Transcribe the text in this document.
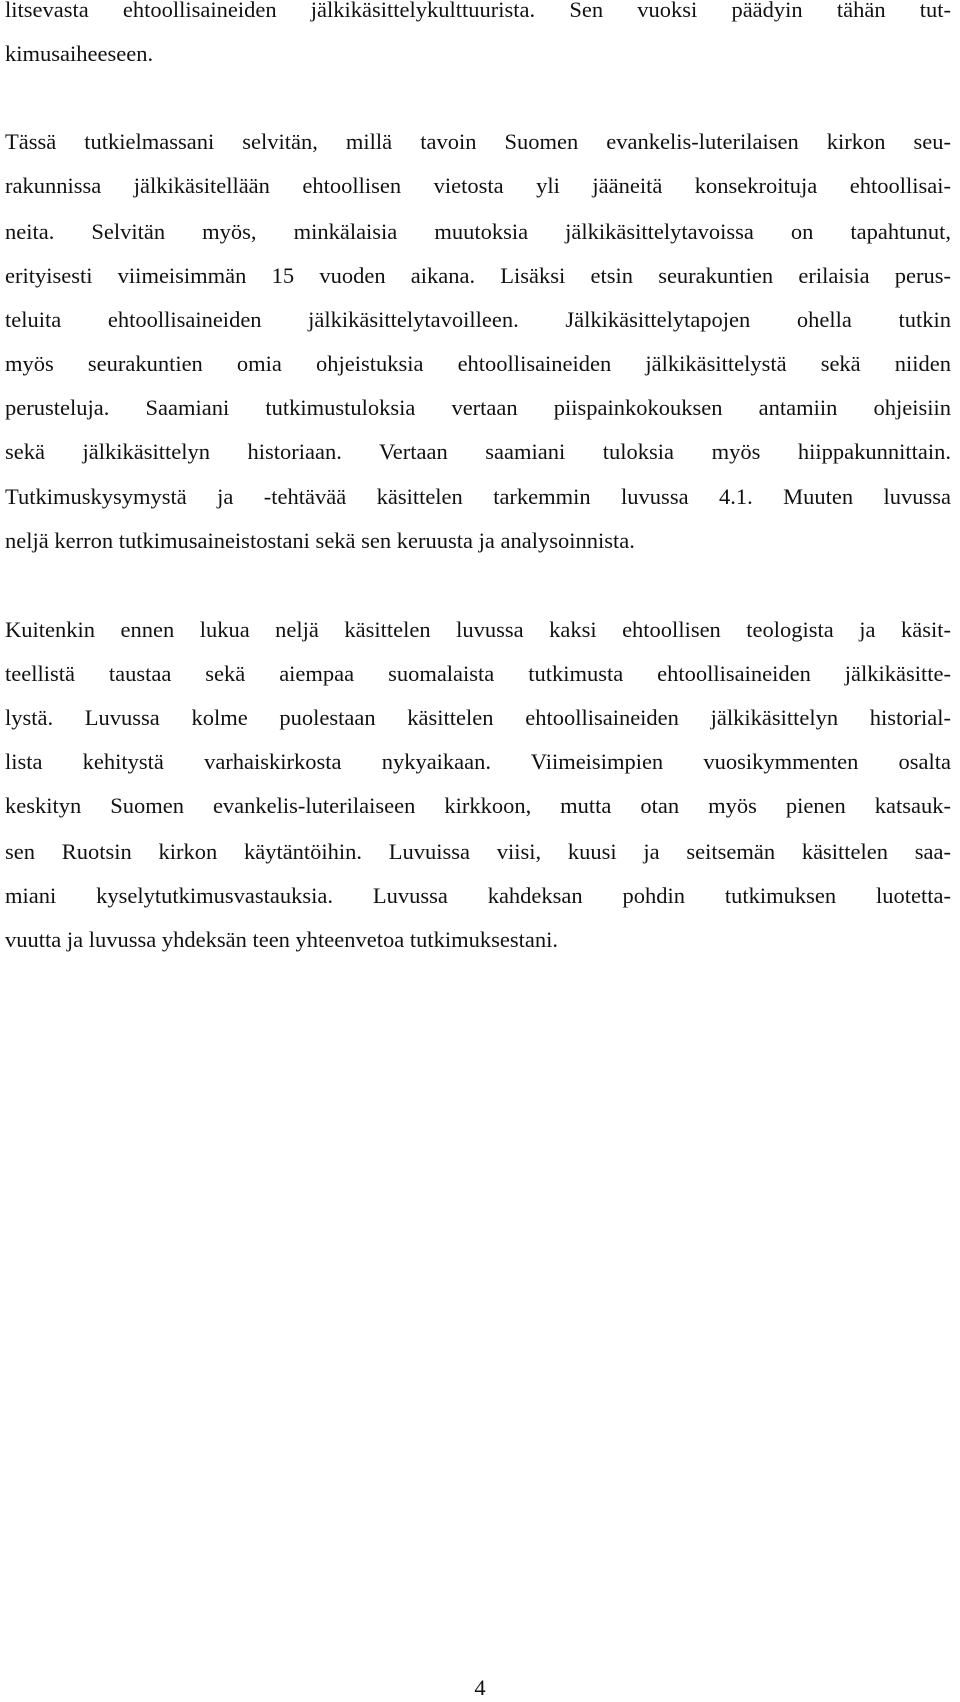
litsevasta ehtoollisaineiden jälkikäsittelykulttuurista. Sen vuoksi päädyin tähän tut-
kimusaiheeseen.
Tässä tutkielmassani selvitän, millä tavoin Suomen evankelis-luterilaisen kirkon seu-
rakunnissa jälkikäsitellään ehtoollisen vietosta yli jääneitä konsekroituja ehtoollisai-
neita. Selvitän myös, minkälaisia muutoksia jälkikäsittelytavoissa on tapahtunut,
erityisesti viimeisimmän 15 vuoden aikana. Lisäksi etsin seurakuntien erilaisia perus-
teluita ehtoollisaineiden jälkikäsittelytavoilleen. Jälkikäsittelytapojen ohella tutkin
myös seurakuntien omia ohjeistuksia ehtoollisaineiden jälkikäsittelystä sekä niiden
perusteluja. Saamiani tutkimustuloksia vertaan piispainkokouksen antamiin ohjeisiin
sekä jälkikäsittelyn historiaan. Vertaan saamiani tuloksia myös hiippakunnittain.
Tutkimuskysymystä ja -tehtävää käsittelen tarkemmin luvussa 4.1. Muuten luvussa
neljä kerron tutkimusaineistostani sekä sen keruusta ja analysoinnista.
Kuitenkin ennen lukua neljä käsittelen luvussa kaksi ehtoollisen teologista ja käsit-
teellistä taustaa sekä aiempaa suomalaista tutkimusta ehtoollisaineiden jälkikäsitte-
lystä. Luvussa kolme puolestaan käsittelen ehtoollisaineiden jälkikäsittelyn historial-
lista kehitystä varhaiskirkosta nykyaikaan. Viimeisimpien vuosikymmenten osalta
keskityn Suomen evankelis-luterilaiseen kirkkoon, mutta otan myös pienen katsauk-
sen Ruotsin kirkon käytäntöihin. Luvuissa viisi, kuusi ja seitsemän käsittelen saa-
miani kyselytutkimusvastauksia. Luvussa kahdeksan pohdin tutkimuksen luotetta-
vuutta ja luvussa yhdeksän teen yhteenvetoa tutkimuksestani.
4
